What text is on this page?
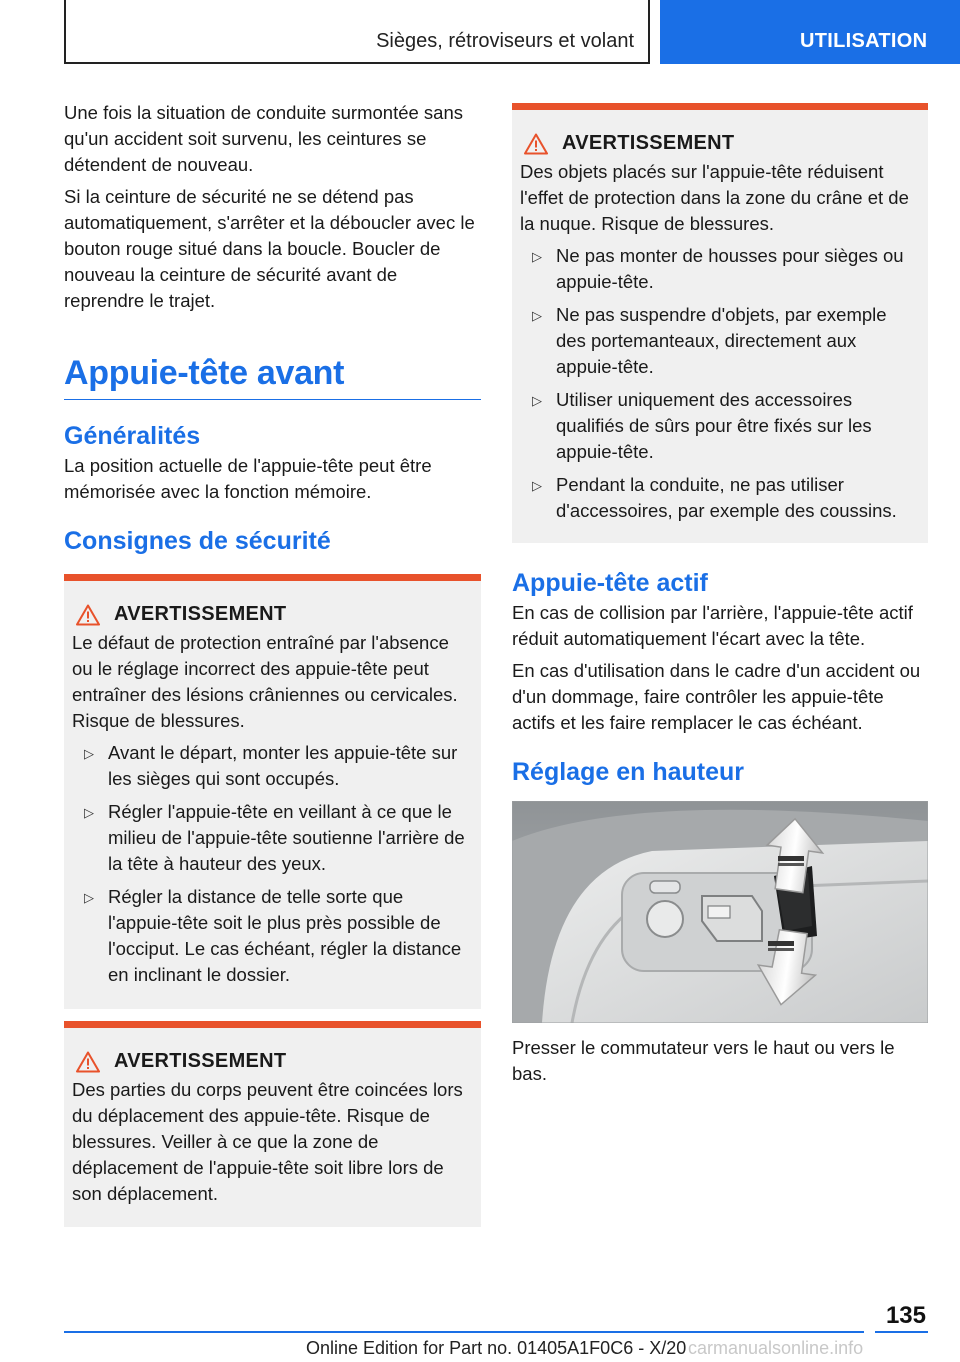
Sièges, rétroviseurs et volant	UTILISATION

Une fois la situation de conduite surmontée sans qu'un accident soit survenu, les ceintures se détendent de nouveau.

Si la ceinture de sécurité ne se détend pas automatiquement, s'arrêter et la déboucler avec le bouton rouge situé dans la boucle. Boucler de nouveau la ceinture de sécurité avant de reprendre le trajet.

Appuie-tête avant
Généralités

La position actuelle de l'appuie-tête peut être mémorisée avec la fonction mémoire.

Consignes de sécurité
AVERTISSEMENT

Le défaut de protection entraîné par l'absence ou le réglage incorrect des appuie-tête peut entraîner des lésions crâniennes ou cervicales. Risque de blessures.

▷ Avant le départ, monter les appuie-tête sur les sièges qui sont occupés.
▷ Régler l'appuie-tête en veillant à ce que le milieu de l'appuie-tête soutienne l'arrière de la tête à hauteur des yeux.
▷ Régler la distance de telle sorte que l'appuie-tête soit le plus près possible de l'occiput. Le cas échéant, régler la distance en inclinant le dossier.
AVERTISSEMENT

Des parties du corps peuvent être coincées lors du déplacement des appuie-tête. Risque de blessures. Veiller à ce que la zone de déplacement de l'appuie-tête soit libre lors de son déplacement.

AVERTISSEMENT

Des objets placés sur l'appuie-tête réduisent l'effet de protection dans la zone du crâne et de la nuque. Risque de blessures.

▷ Ne pas monter de housses pour sièges ou appuie-tête.
▷ Ne pas suspendre d'objets, par exemple des portemanteaux, directement aux appuie-tête.
▷ Utiliser uniquement des accessoires qualifiés de sûrs pour être fixés sur les appuie-tête.
▷ Pendant la conduite, ne pas utiliser d'accessoires, par exemple des coussins.
Appuie-tête actif

En cas de collision par l'arrière, l'appuie-tête actif réduit automatiquement l'écart avec la tête.

En cas d'utilisation dans le cadre d'un accident ou d'un dommage, faire contrôler les appuie-tête actifs et les faire remplacer le cas échéant.

Réglage en hauteur

Presser le commutateur vers le haut ou vers le bas.

135
Online Edition for Part no. 01405A1F0C6 - X/20 carmanualsonline.info
